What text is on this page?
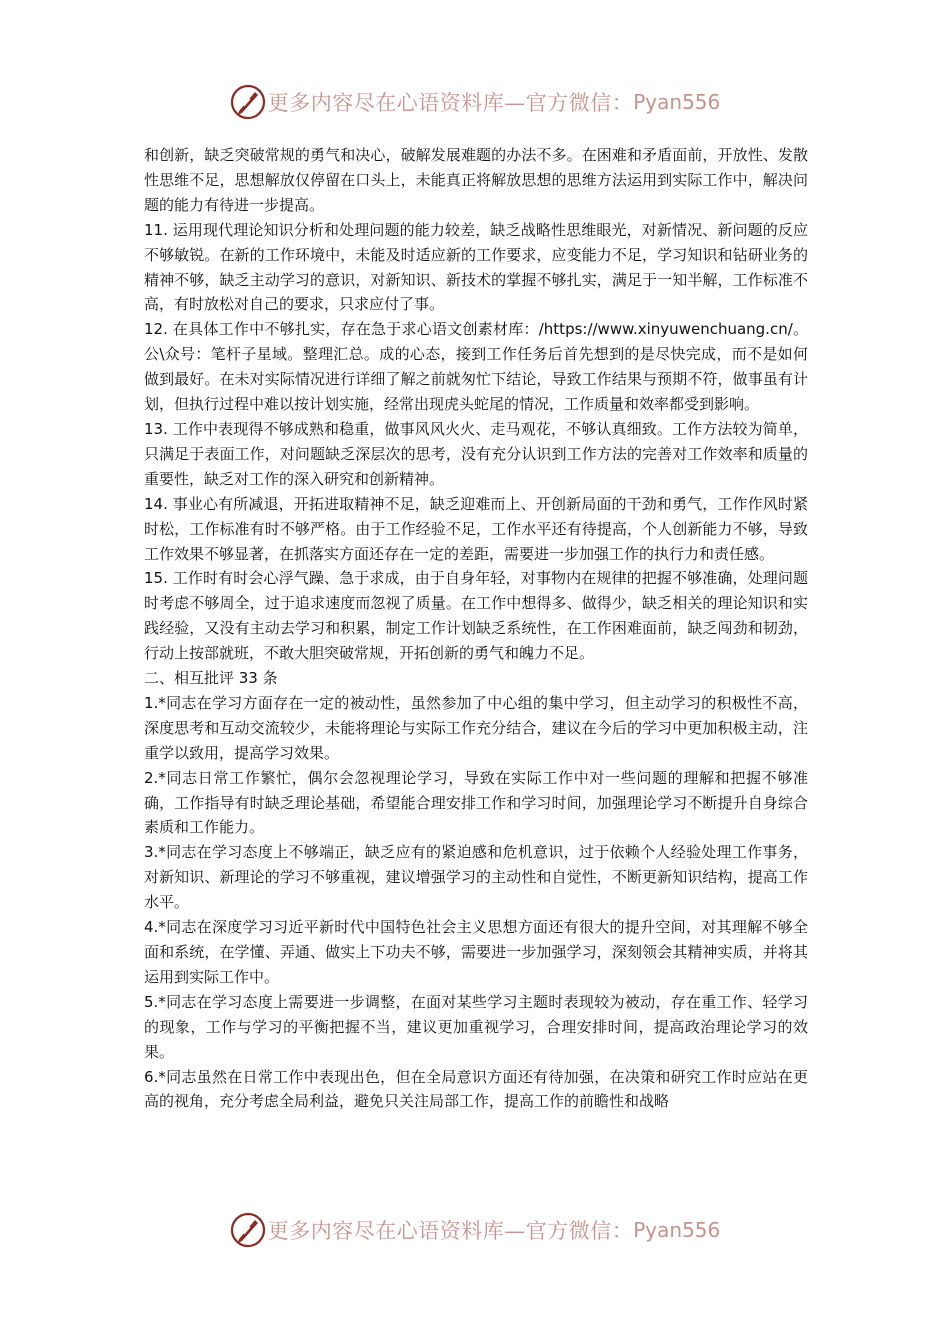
更多内容尽在心语资料库—官方微信： Pyan556

和创新，缺乏突破常规的勇气和决心，破解发展难题的办法不多。在困难和矛盾面前，开放性、发散性思维不足，思想解放仅停留在口头上，未能真正将解放思想的思维方法运用到实际工作中，解决问题的能力有待进一步提高。

11. 运用现代理论知识分析和处理问题的能力较差，缺乏战略性思维眼光，对新情况、新问题的反应不够敏锐。在新的工作环境中，未能及时适应新的工作要求，应变能力不足，学习知识和钻研业务的精神不够，缺乏主动学习的意识，对新知识、新技术的掌握不够扎实，满足于一知半解，工作标准不高，有时放松对自己的要求，只求应付了事。

12. 在具体工作中不够扎实，存在急于求心语文创素材库：/https://www.xinyuwenchuang.cn/。公\众号：笔杆子星域。整理汇总。成的心态，接到工作任务后首先想到的是尽快完成，而不是如何做到最好。在未对实际情况进行详细了解之前就匆忙下结论，导致工作结果与预期不符，做事虽有计划，但执行过程中难以按计划实施，经常出现虎头蛇尾的情况，工作质量和效率都受到影响。

13. 工作中表现得不够成熟和稳重，做事风风火火、走马观花，不够认真细致。工作方法较为简单，只满足于表面工作，对问题缺乏深层次的思考，没有充分认识到工作方法的完善对工作效率和质量的重要性，缺乏对工作的深入研究和创新精神。

14. 事业心有所减退，开拓进取精神不足，缺乏迎难而上、开创新局面的干劲和勇气，工作作风时紧时松，工作标准有时不够严格。由于工作经验不足，工作水平还有待提高，个人创新能力不够，导致工作效果不够显著，在抓落实方面还存在一定的差距，需要进一步加强工作的执行力和责任感。

15. 工作时有时会心浮气躁、急于求成，由于自身年轻，对事物内在规律的把握不够准确，处理问题时考虑不够周全，过于追求速度而忽视了质量。在工作中想得多、做得少，缺乏相关的理论知识和实践经验，又没有主动去学习和积累，制定工作计划缺乏系统性，在工作困难面前，缺乏闯劲和韧劲，行动上按部就班，不敢大胆突破常规，开拓创新的勇气和魄力不足。

二、相互批评 33 条

1.*同志在学习方面存在一定的被动性，虽然参加了中心组的集中学习，但主动学习的积极性不高，深度思考和互动交流较少，未能将理论与实际工作充分结合，建议在今后的学习中更加积极主动，注重学以致用，提高学习效果。

2.*同志日常工作繁忙，偶尔会忽视理论学习，导致在实际工作中对一些问题的理解和把握不够准确，工作指导有时缺乏理论基础，希望能合理安排工作和学习时间，加强理论学习不断提升自身综合素质和工作能力。

3.*同志在学习态度上不够端正，缺乏应有的紧迫感和危机意识，过于依赖个人经验处理工作事务，对新知识、新理论的学习不够重视，建议增强学习的主动性和自觉性，不断更新知识结构，提高工作水平。

4.*同志在深度学习习近平新时代中国特色社会主义思想方面还有很大的提升空间，对其理解不够全面和系统，在学懂、弄通、做实上下功夫不够，需要进一步加强学习，深刻领会其精神实质，并将其运用到实际工作中。

5.*同志在学习态度上需要进一步调整，在面对某些学习主题时表现较为被动，存在重工作、轻学习的现象，工作与学习的平衡把握不当，建议更加重视学习，合理安排时间，提高政治理论学习的效果。

6.*同志虽然在日常工作中表现出色，但在全局意识方面还有待加强，在决策和研究工作时应站在更高的视角，充分考虑全局利益，避免只关注局部工作，提高工作的前瞻性和战略

更多内容尽在心语资料库—官方微信： Pyan556
